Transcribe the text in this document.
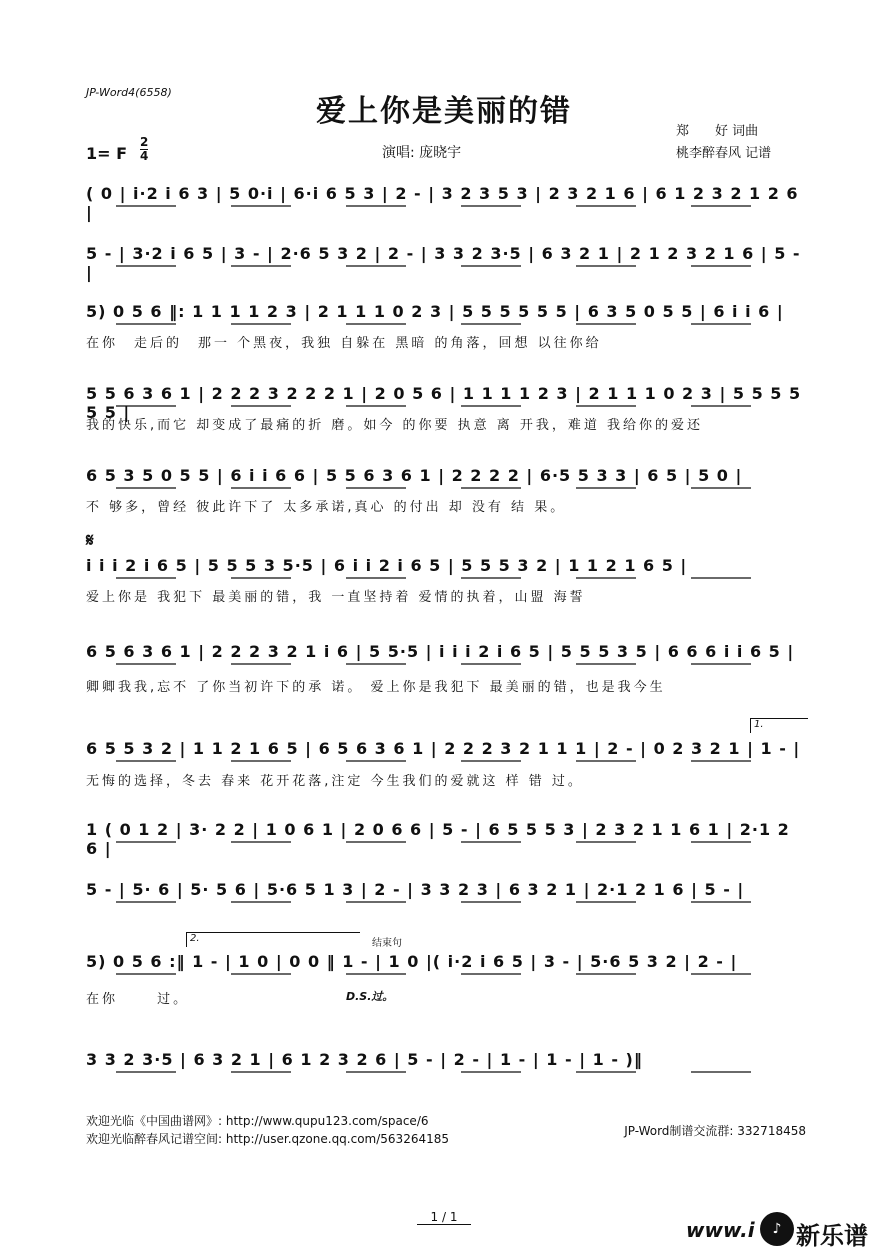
JP-Word4(6558)
爱上你是美丽的错
郑　　好 词曲
桃李醉春风 记谱
1= F
2
4	演唱: 庞晓宇
𝄋
1.
2.	结束句
D.S.过。
( 0 | i·2 i 6 3 | 5 0·i | 6·i 6 5 3 | 2 - | 3 2 3 5 3 | 2 3 2 1 6 | 6 1 2 3 2 1 2 6 |
5 - | 3·2 i 6 5 | 3 - | 2·6 5 3 2 | 2 - | 3 3 2 3·5 | 6 3 2 1 | 2 1 2 3 2 1 6 | 5 - |
5) 0 5 6 ‖: 1 1 1 1 2 3 | 2 1 1 1 0 2 3 | 5 5 5 5 5 5 | 6 3 5 0 5 5 | 6 i i 6 |
在你　走后的　那一 个黑夜，我独 自躲在 黑暗 的角落，回想 以往你给
5 5 6 3 6 1 | 2 2 2 3 2 2 2 1 | 2 0 5 6 | 1 1 1 1 2 3 | 2 1 1 1 0 2 3 | 5 5 5 5 5 5 |
我的快乐,而它 却变成了最痛的折 磨。如今 的你要 执意 离 开我，难道 我给你的爱还
6 5 3 5 0 5 5 | 6 i i 6 6 | 5 5 6 3 6 1 | 2 2 2 2 | 6·5 5 3 3 | 6 5 | 5 0 |
不 够多，曾经 彼此许下了 太多承诺,真心 的付出 却 没有 结 果。
i i i 2 i 6 5 | 5 5 5 3 5·5 | 6 i i 2 i 6 5 | 5 5 5 3 2 | 1 1 2 1 6 5 |
爱上你是 我犯下 最美丽的错，我 一直坚持着 爱情的执着，山盟 海誓
6 5 6 3 6 1 | 2 2 2 3 2 1 i 6 | 5 5·5 | i i i 2 i 6 5 | 5 5 5 3 5 | 6 6 6 i i 6 5 |
卿卿我我,忘不 了你当初许下的承 诺。 爱上你是我犯下 最美丽的错，也是我今生
6 5 5 3 2 | 1 1 2 1 6 5 | 6 5 6 3 6 1 | 2 2 2 3 2 1 1 1 | 2 - | 0 2 3 2 1 | 1 - |
无悔的选择，冬去 春来 花开花落,注定 今生我们的爱就这 样 错 过。
1 ( 0 1 2 | 3· 2 2 | 1 0 6 1 | 2 0 6 6 | 5 - | 6 5 5 5 3 | 2 3 2 1 1 6 1 | 2·1 2 6 |
5 - | 5· 6 | 5· 5 6 | 5·6 5 1 3 | 2 - | 3 3 2 3 | 6 3 2 1 | 2·1 2 1 6 | 5 - |
5) 0 5 6 :‖ 1 - | 1 0 | 0 0 ‖ 1 - | 1 0 |( i·2 i 6 5 | 3 - | 5·6 5 3 2 | 2 - |
在你　　 过。
3 3 2 3·5 | 6 3 2 1 | 6 1 2 3 2 6 | 5 - | 2 - | 1 - | 1 - | 1 - )‖
欢迎光临《中国曲谱网》: http://www.qupu123.com/space/6
欢迎光临醉春风记谱空间: http://user.qzone.qq.com/563264185
JP-Word制谱交流群: 332718458
1 / 1
www.i	♪ 新乐谱
